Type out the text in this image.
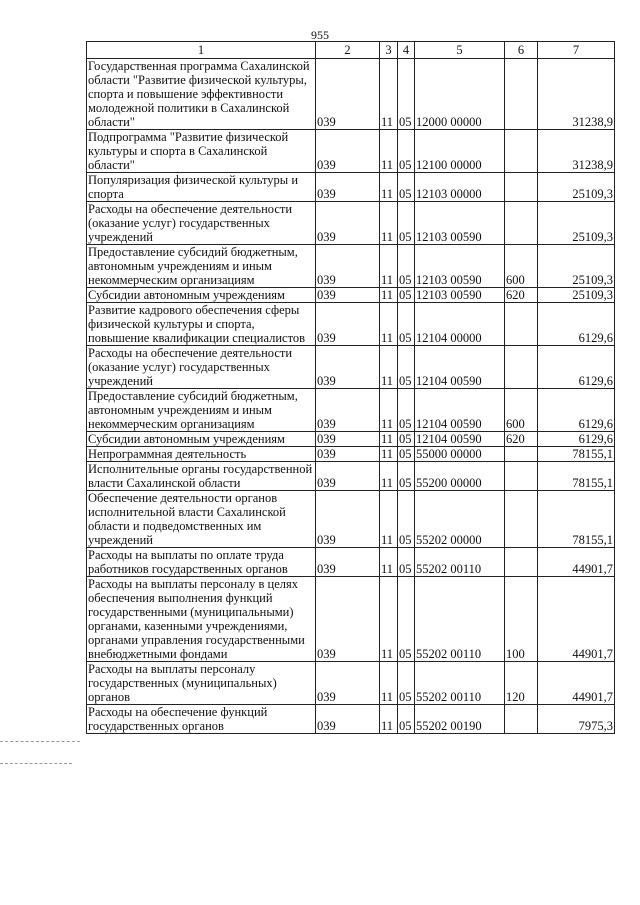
955
1	2	3	4	5	6	7
Государственная программа Сахалинской области "Развитие физической культуры, спорта и повышение эффективности молодежной политики в Сахалинской области"	039	11	05	12000 00000		31238,9
Подпрограмма "Развитие физической культуры и спорта в Сахалинской области"	039	11	05	12100 00000		31238,9
Популяризация физической культуры и спорта	039	11	05	12103 00000		25109,3
Расходы на обеспечение деятельности (оказание услуг) государственных учреждений	039	11	05	12103 00590		25109,3
Предоставление субсидий бюджетным, автономным учреждениям и иным некоммерческим организациям	039	11	05	12103 00590	600	25109,3
Субсидии автономным учреждениям	039	11	05	12103 00590	620	25109,3
Развитие кадрового обеспечения сферы физической культуры и спорта, повышение квалификации специалистов	039	11	05	12104 00000		6129,6
Расходы на обеспечение деятельности (оказание услуг) государственных учреждений	039	11	05	12104 00590		6129,6
Предоставление субсидий бюджетным, автономным учреждениям и иным некоммерческим организациям	039	11	05	12104 00590	600	6129,6
Субсидии автономным учреждениям	039	11	05	12104 00590	620	6129,6
Непрограммная деятельность	039	11	05	55000 00000		78155,1
Исполнительные органы государственной власти Сахалинской области	039	11	05	55200 00000		78155,1
Обеспечение деятельности органов исполнительной власти Сахалинской области и подведомственных им учреждений	039	11	05	55202 00000		78155,1
Расходы на выплаты по оплате труда работников государственных органов	039	11	05	55202 00110		44901,7
Расходы на выплаты персоналу в целях обеспечения выполнения функций государственными (муниципальными) органами, казенными учреждениями, органами управления государственными внебюджетными фондами	039	11	05	55202 00110	100	44901,7
Расходы на выплаты персоналу государственных (муниципальных) органов	039	11	05	55202 00110	120	44901,7
Расходы на обеспечение функций государственных органов	039	11	05	55202 00190		7975,3
